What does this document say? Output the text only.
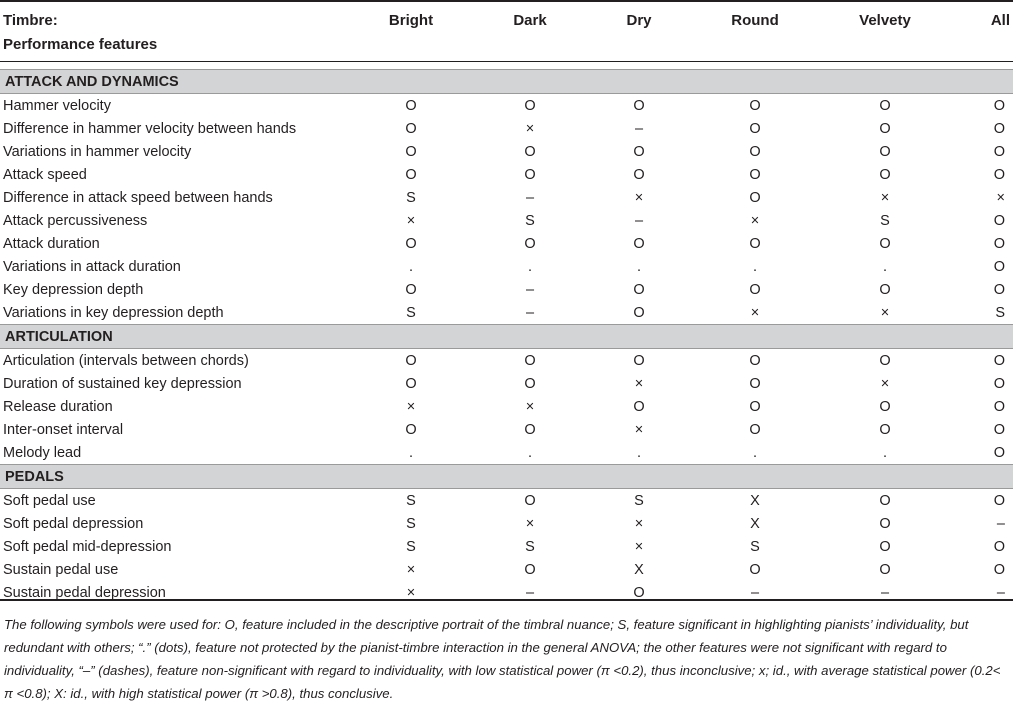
Timbre:
Performance features
Bright	Dark	Dry	Round	Velvety	All
ATTACK AND DYNAMICS						
Hammer velocity	O	O	O	O	O	O
Difference in hammer velocity between hands	O	×	–	O	O	O
Variations in hammer velocity	O	O	O	O	O	O
Attack speed	O	O	O	O	O	O
Difference in attack speed between hands	S	–	×	O	×	×
Attack percussiveness	×	S	–	×	S	O
Attack duration	O	O	O	O	O	O
Variations in attack duration	.	.	.	.	.	O
Key depression depth	O	–	O	O	O	O
Variations in key depression depth	S	–	O	×	×	S
ARTICULATION						
Articulation (intervals between chords)	O	O	O	O	O	O
Duration of sustained key depression	O	O	×	O	×	O
Release duration	×	×	O	O	O	O
Inter-onset interval	O	O	×	O	O	O
Melody lead	.	.	.	.	.	O
PEDALS						
Soft pedal use	S	O	S	X	O	O
Soft pedal depression	S	×	×	X	O	–
Soft pedal mid-depression	S	S	×	S	O	O
Sustain pedal use	×	O	X	O	O	O
Sustain pedal depression	×	–	O	–	–	–
The following symbols were used for: O, feature included in the descriptive portrait of the timbral nuance; S, feature significant in highlighting pianists’ individuality, but redundant with others; “.” (dots), feature not protected by the pianist-timbre interaction in the general ANOVA; the other features were not significant with regard to individuality, “–” (dashes), feature non-significant with regard to individuality, with low statistical power (π <0.2), thus inconclusive; x; id., with average statistical power (0.2< π <0.8); X: id., with high statistical power (π >0.8), thus conclusive.
